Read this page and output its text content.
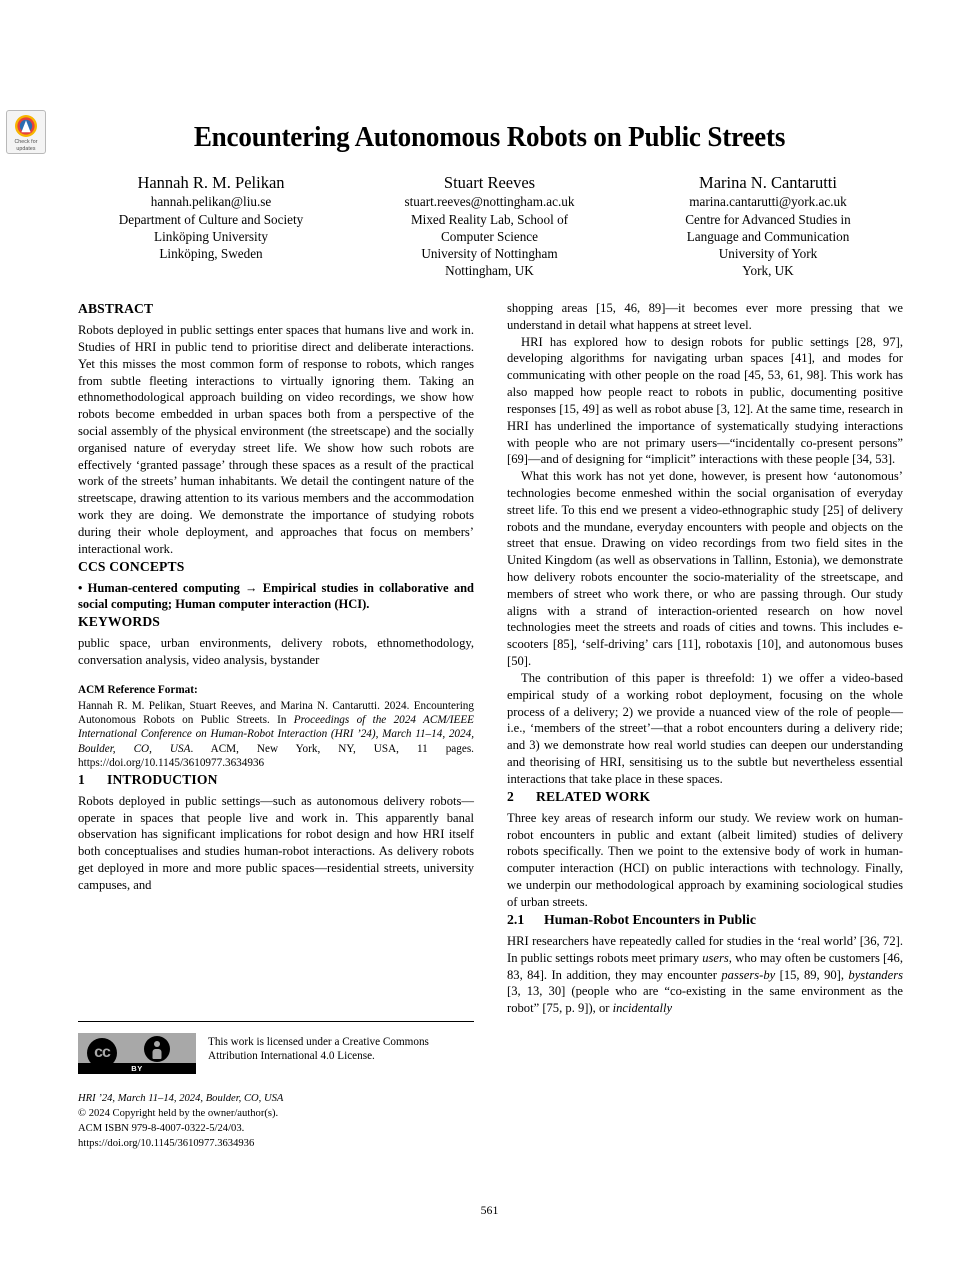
Check for
updates	Encountering Autonomous Robots on Public Streets
Hannah R. M. Pelikan
hannah.pelikan@liu.se
Department of Culture and Society
Linköping University
Linköping, Sweden
Stuart Reeves
stuart.reeves@nottingham.ac.uk
Mixed Reality Lab, School of
Computer Science
University of Nottingham
Nottingham, UK
Marina N. Cantarutti
marina.cantarutti@york.ac.uk
Centre for Advanced Studies in
Language and Communication
University of York
York, UK
ABSTRACT

Robots deployed in public settings enter spaces that humans live and work in. Studies of HRI in public tend to prioritise direct and deliberate interactions. Yet this misses the most common form of response to robots, which ranges from subtle fleeting interactions to virtually ignoring them. Taking an ethnomethodological approach building on video recordings, we show how robots become embedded in urban spaces both from a perspective of the social assembly of the physical environment (the streetscape) and the socially organised nature of everyday street life. We show how such robots are effectively ‘granted passage’ through these spaces as a result of the practical work of the streets’ human inhabitants. We detail the contingent nature of the streetscape, drawing attention to its various members and the accommodation work they are doing. We demonstrate the importance of studying robots during their whole deployment, and approaches that focus on members’ interactional work.

CCS CONCEPTS

• Human-centered computing → Empirical studies in collaborative and social computing; Human computer interaction (HCI).

KEYWORDS

public space, urban environments, delivery robots, ethnomethodology, conversation analysis, video analysis, bystander

ACM Reference Format:

Hannah R. M. Pelikan, Stuart Reeves, and Marina N. Cantarutti. 2024. Encountering Autonomous Robots on Public Streets. In Proceedings of the 2024 ACM/IEEE International Conference on Human-Robot Interaction (HRI ’24), March 11–14, 2024, Boulder, CO, USA. ACM, New York, NY, USA, 11 pages. https://doi.org/10.1145/3610977.3634936

1	INTRODUCTION

Robots deployed in public settings—such as autonomous delivery robots—operate in spaces that people live and work in. This apparently banal observation has significant implications for robot design and how HRI itself both conceptualises and studies human-robot interactions. As delivery robots get deployed in more and more public spaces—residential streets, university campuses, and

cc
BY
This work is licensed under a Creative Commons Attribution International 4.0 License.
HRI ’24, March 11–14, 2024, Boulder, CO, USA
© 2024 Copyright held by the owner/author(s).
ACM ISBN 979-8-4007-0322-5/24/03.
https://doi.org/10.1145/3610977.3634936

shopping areas [15, 46, 89]—it becomes ever more pressing that we understand in detail what happens at street level.

HRI has explored how to design robots for public settings [28, 97], developing algorithms for navigating urban spaces [41], and modes for communicating with other people on the road [45, 53, 61, 98]. This work has also mapped how people react to robots in public, documenting positive responses [15, 49] as well as robot abuse [3, 12]. At the same time, research in HRI has underlined the importance of systematically studying interactions with people who are not primary users—“incidentally co-present persons” [69]—and of designing for “implicit” interactions with these people [34, 53].

What this work has not yet done, however, is present how ‘autonomous’ technologies become enmeshed within the social organisation of everyday street life. To this end we present a video-ethnographic study [25] of delivery robots and the mundane, everyday encounters with people and objects on the street that ensue. Drawing on video recordings from two field sites in the United Kingdom (as well as observations in Tallinn, Estonia), we demonstrate how delivery robots encounter the socio-materiality of the streetscape, and members of street who work there, or who are passing through. Our study aligns with a strand of interaction-oriented research on how novel technologies meet the streets and roads of cities and towns. This includes e-scooters [85], ‘self-driving’ cars [11], robotaxis [10], and autonomous buses [50].

The contribution of this paper is threefold: 1) we offer a video-based empirical study of a working robot deployment, focusing on the whole process of a delivery; 2) we provide a nuanced view of the role of people—i.e., ‘members of the street’—that a robot encounters during a delivery ride; and 3) we demonstrate how real world studies can deepen our understanding and theorising of HRI, sensitising us to the subtle but nevertheless essential interactions that take place in these spaces.

2	RELATED WORK

Three key areas of research inform our study. We review work on human-robot encounters in public and extant (albeit limited) studies of delivery robots specifically. Then we point to the extensive body of work in human-computer interaction (HCI) on public interactions with technology. Finally, we underpin our methodological approach by examining sociological studies of urban streets.

2.1	Human-Robot Encounters in Public

HRI researchers have repeatedly called for studies in the ‘real world’ [36, 72]. In public settings robots meet primary users, who may often be customers [46, 83, 84]. In addition, they may encounter passers-by [15, 89, 90], bystanders [3, 13, 30] (people who are “co-existing in the same environment as the robot” [75, p. 9]), or incidentally

561
